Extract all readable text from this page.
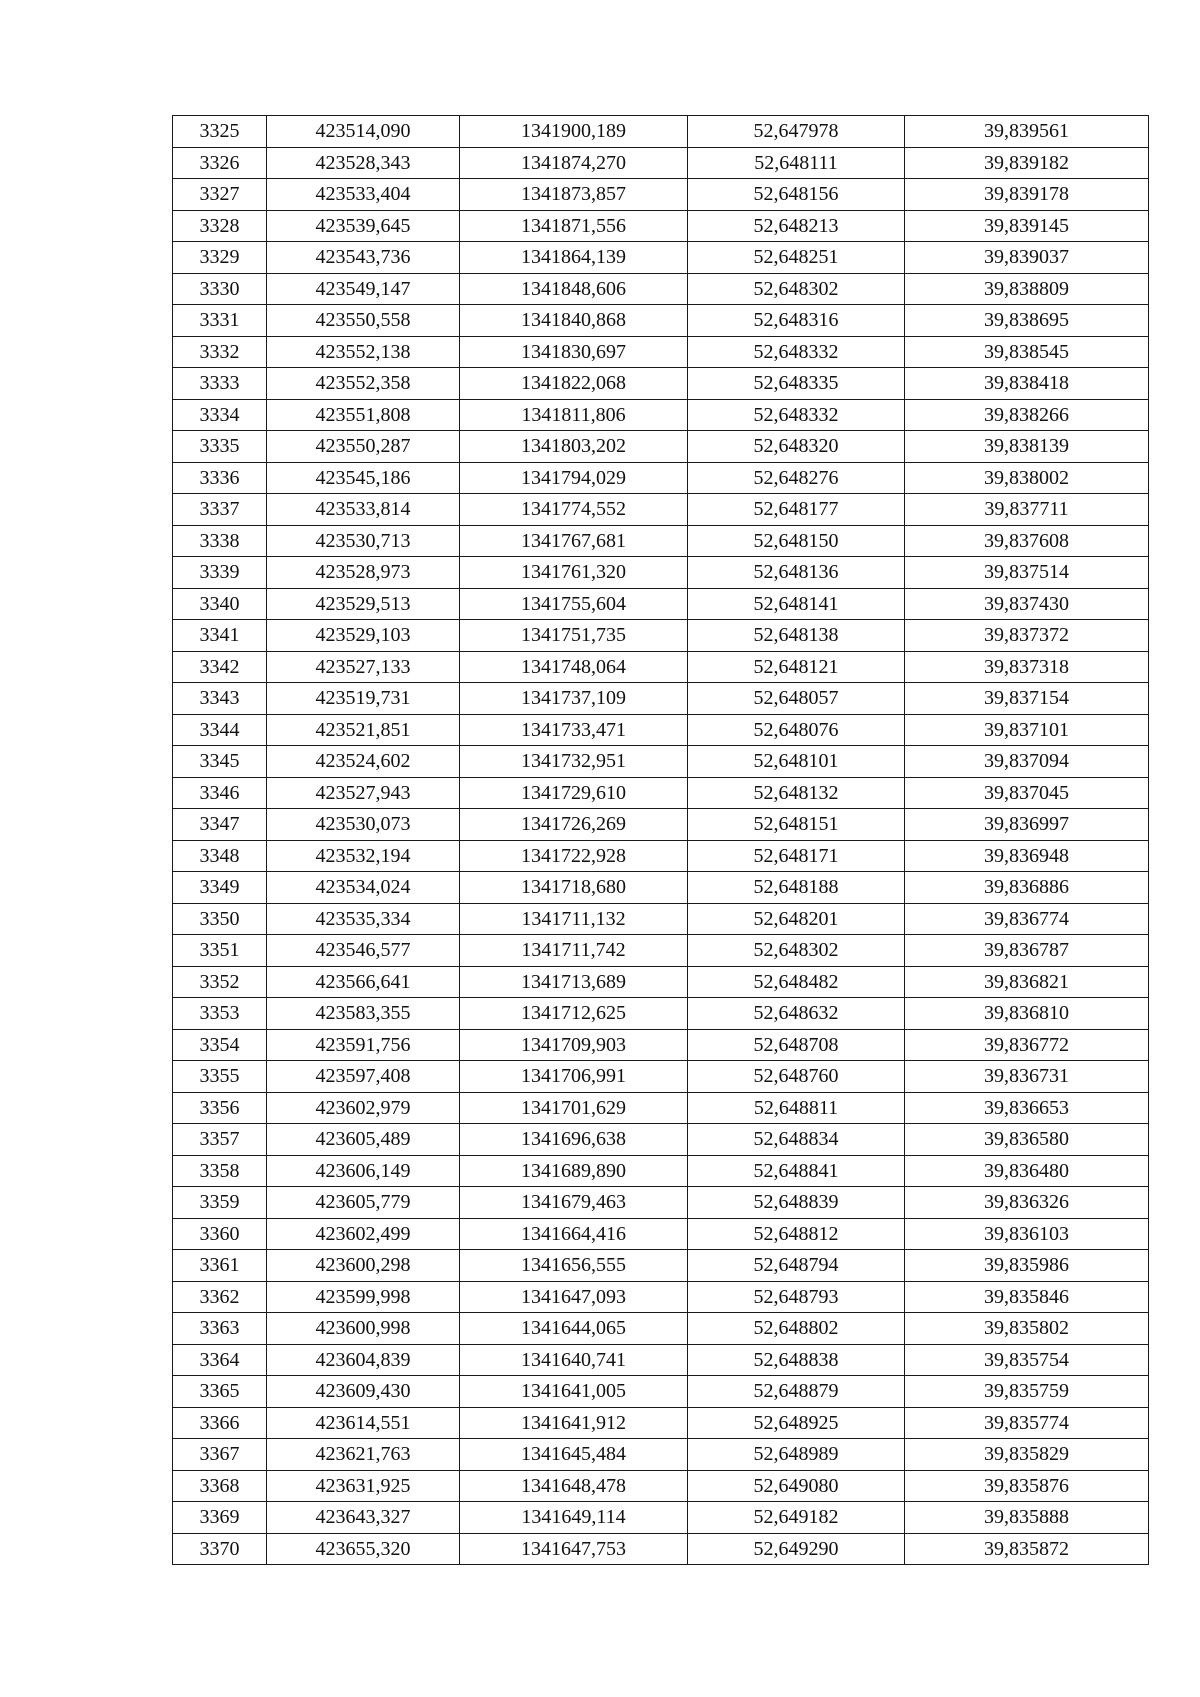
3325	423514,090	1341900,189	52,647978	39,839561
3326	423528,343	1341874,270	52,648111	39,839182
3327	423533,404	1341873,857	52,648156	39,839178
3328	423539,645	1341871,556	52,648213	39,839145
3329	423543,736	1341864,139	52,648251	39,839037
3330	423549,147	1341848,606	52,648302	39,838809
3331	423550,558	1341840,868	52,648316	39,838695
3332	423552,138	1341830,697	52,648332	39,838545
3333	423552,358	1341822,068	52,648335	39,838418
3334	423551,808	1341811,806	52,648332	39,838266
3335	423550,287	1341803,202	52,648320	39,838139
3336	423545,186	1341794,029	52,648276	39,838002
3337	423533,814	1341774,552	52,648177	39,837711
3338	423530,713	1341767,681	52,648150	39,837608
3339	423528,973	1341761,320	52,648136	39,837514
3340	423529,513	1341755,604	52,648141	39,837430
3341	423529,103	1341751,735	52,648138	39,837372
3342	423527,133	1341748,064	52,648121	39,837318
3343	423519,731	1341737,109	52,648057	39,837154
3344	423521,851	1341733,471	52,648076	39,837101
3345	423524,602	1341732,951	52,648101	39,837094
3346	423527,943	1341729,610	52,648132	39,837045
3347	423530,073	1341726,269	52,648151	39,836997
3348	423532,194	1341722,928	52,648171	39,836948
3349	423534,024	1341718,680	52,648188	39,836886
3350	423535,334	1341711,132	52,648201	39,836774
3351	423546,577	1341711,742	52,648302	39,836787
3352	423566,641	1341713,689	52,648482	39,836821
3353	423583,355	1341712,625	52,648632	39,836810
3354	423591,756	1341709,903	52,648708	39,836772
3355	423597,408	1341706,991	52,648760	39,836731
3356	423602,979	1341701,629	52,648811	39,836653
3357	423605,489	1341696,638	52,648834	39,836580
3358	423606,149	1341689,890	52,648841	39,836480
3359	423605,779	1341679,463	52,648839	39,836326
3360	423602,499	1341664,416	52,648812	39,836103
3361	423600,298	1341656,555	52,648794	39,835986
3362	423599,998	1341647,093	52,648793	39,835846
3363	423600,998	1341644,065	52,648802	39,835802
3364	423604,839	1341640,741	52,648838	39,835754
3365	423609,430	1341641,005	52,648879	39,835759
3366	423614,551	1341641,912	52,648925	39,835774
3367	423621,763	1341645,484	52,648989	39,835829
3368	423631,925	1341648,478	52,649080	39,835876
3369	423643,327	1341649,114	52,649182	39,835888
3370	423655,320	1341647,753	52,649290	39,835872
